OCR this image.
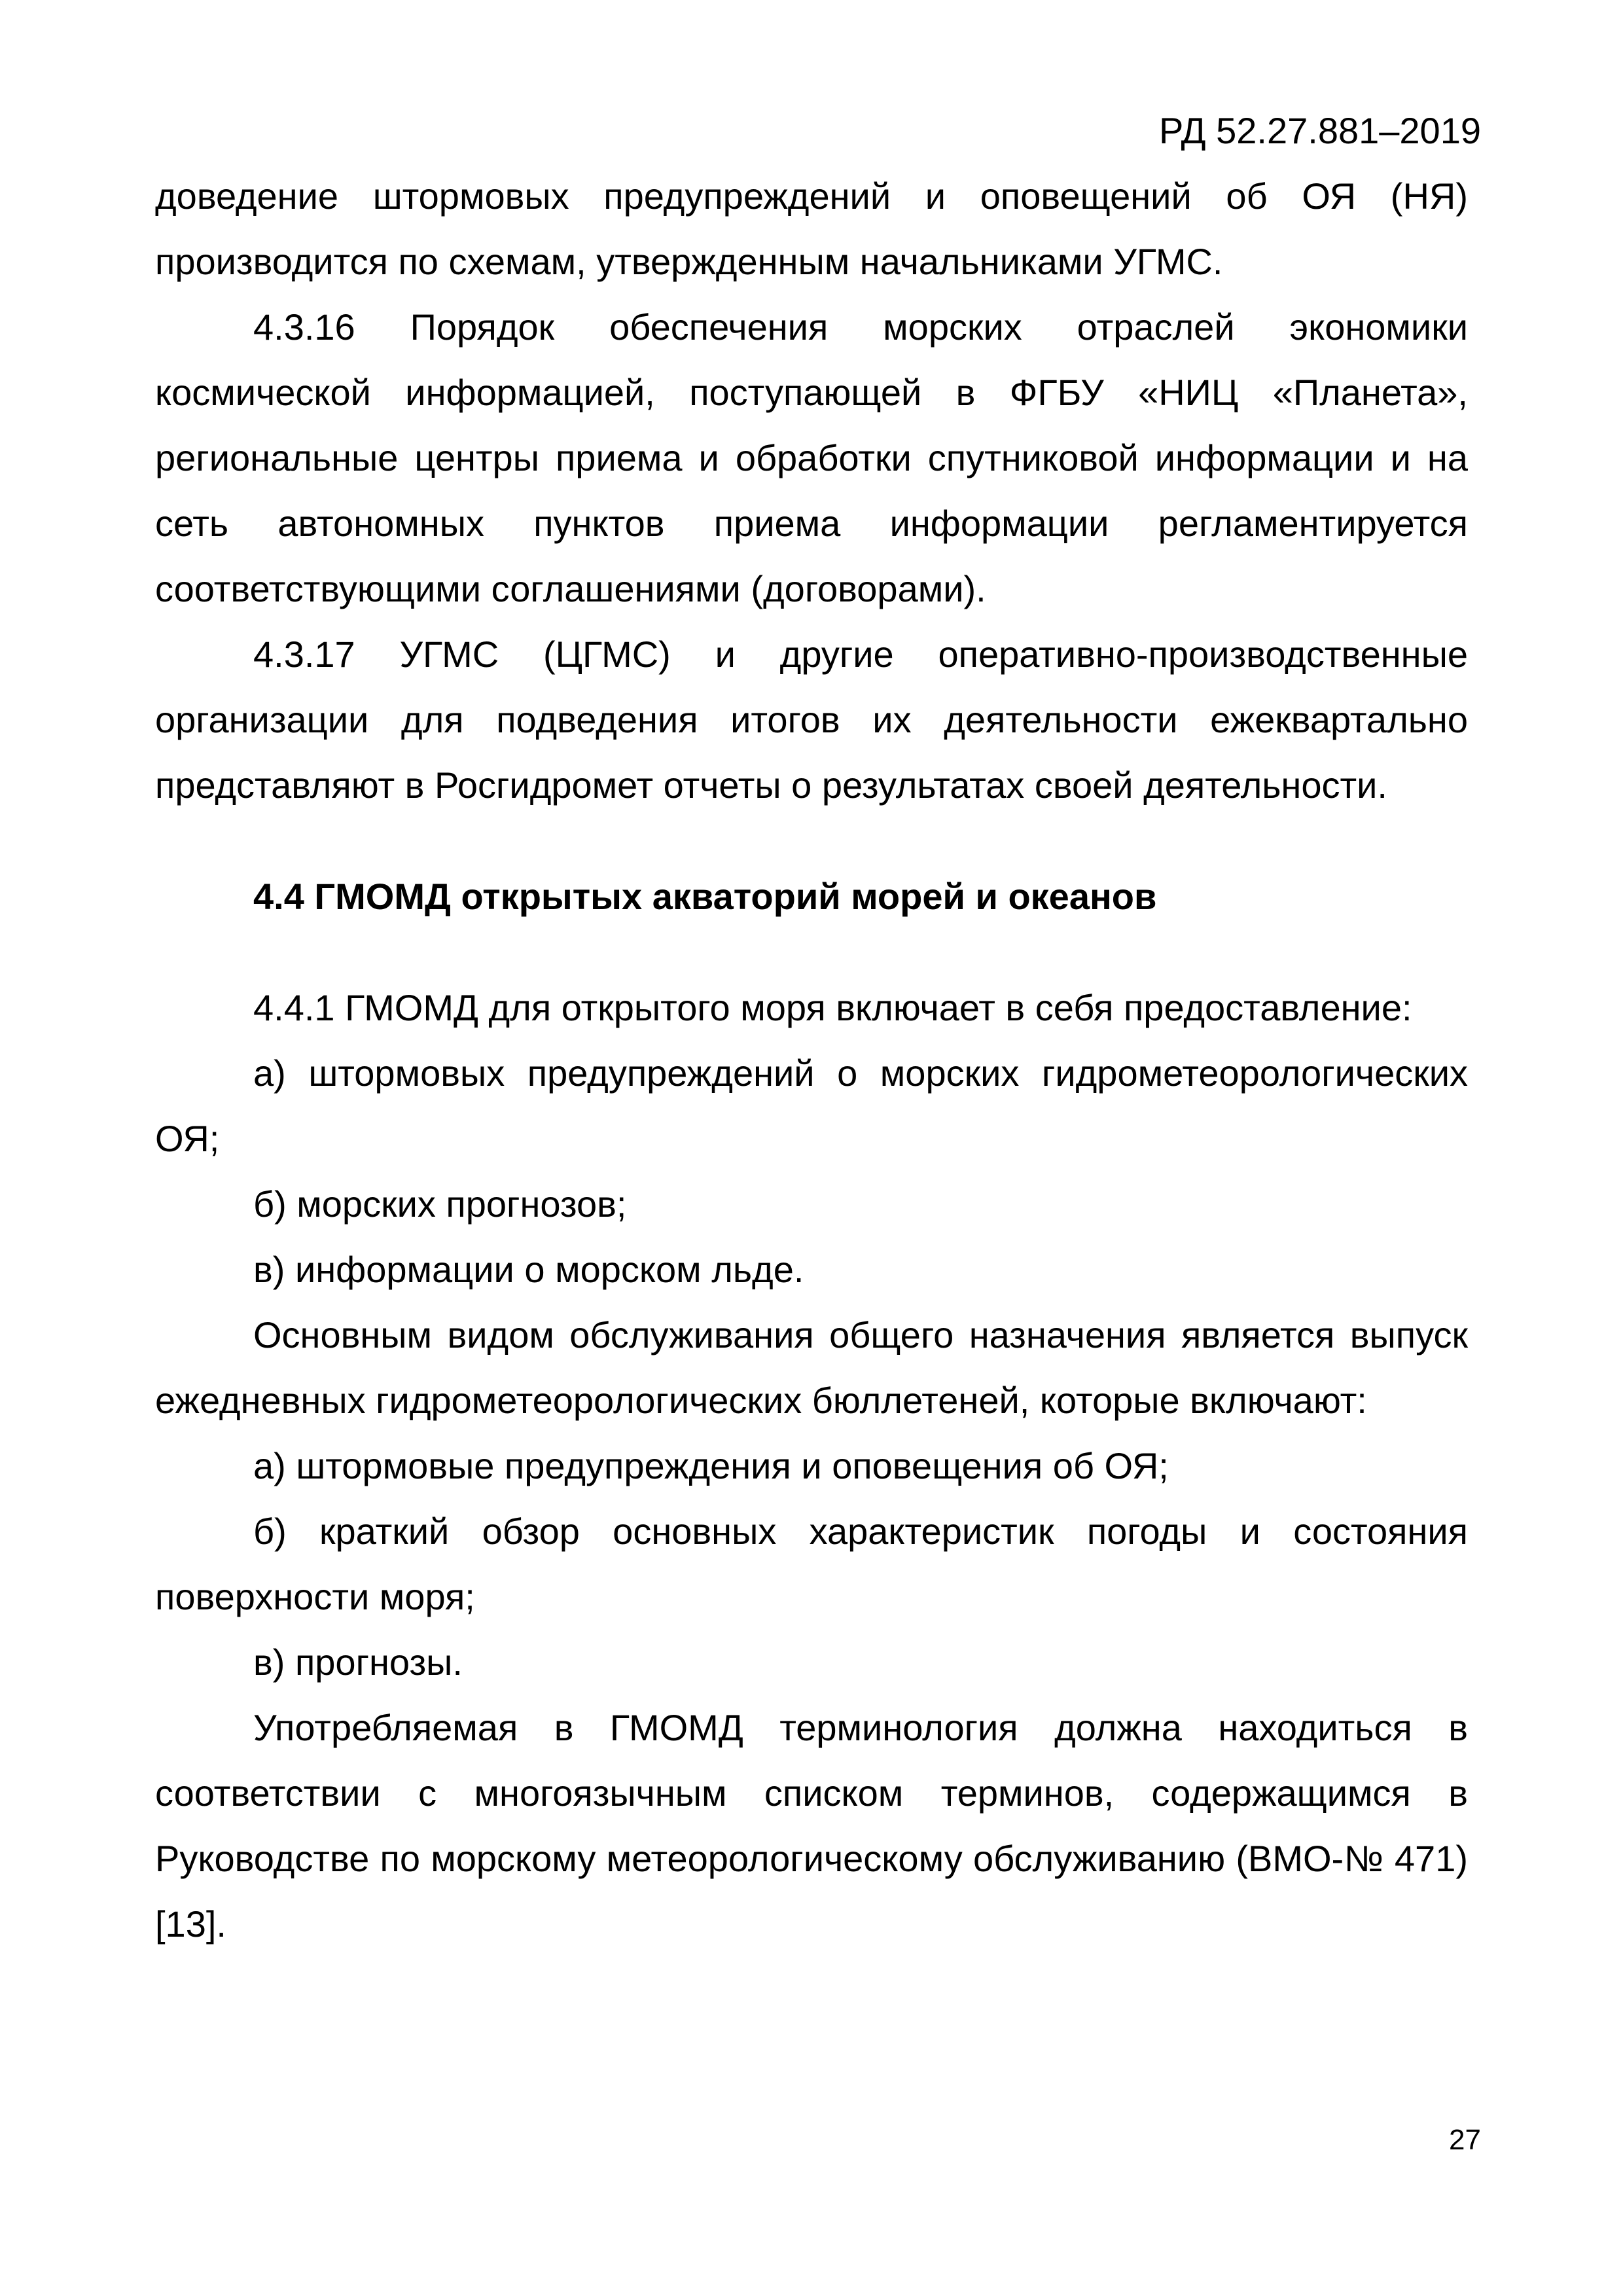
РД 52.27.881–2019

доведение штормовых предупреждений и оповещений об ОЯ (НЯ) производится по схемам, утвержденным начальниками УГМС.

4.3.16 Порядок обеспечения морских отраслей экономики космической информацией, поступающей в ФГБУ «НИЦ «Планета», региональные центры приема и обработки спутниковой информации и на сеть автономных пунктов приема информации регламентируется соответствующими соглашениями (договорами).

4.3.17 УГМС (ЦГМС) и другие оперативно-производственные организации для подведения итогов их деятельности ежеквартально представляют в Росгидромет отчеты о результатах своей деятельности.

4.4 ГМОМД открытых акваторий морей и океанов

4.4.1 ГМОМД для открытого моря включает в себя предоставление:

а) штормовых предупреждений о морских гидрометеорологических ОЯ;

б) морских прогнозов;

в) информации о морском льде.

Основным видом обслуживания общего назначения является выпуск ежедневных гидрометеорологических бюллетеней, которые включают:

а) штормовые предупреждения и оповещения об ОЯ;

б) краткий обзор основных характеристик погоды и состояния поверхности моря;

в) прогнозы.

Употребляемая в ГМОМД терминология должна находиться в соответствии с многоязычным списком терминов, содержащимся в Руководстве по морскому метеорологическому обслуживанию (ВМО-№ 471) [13].

27
